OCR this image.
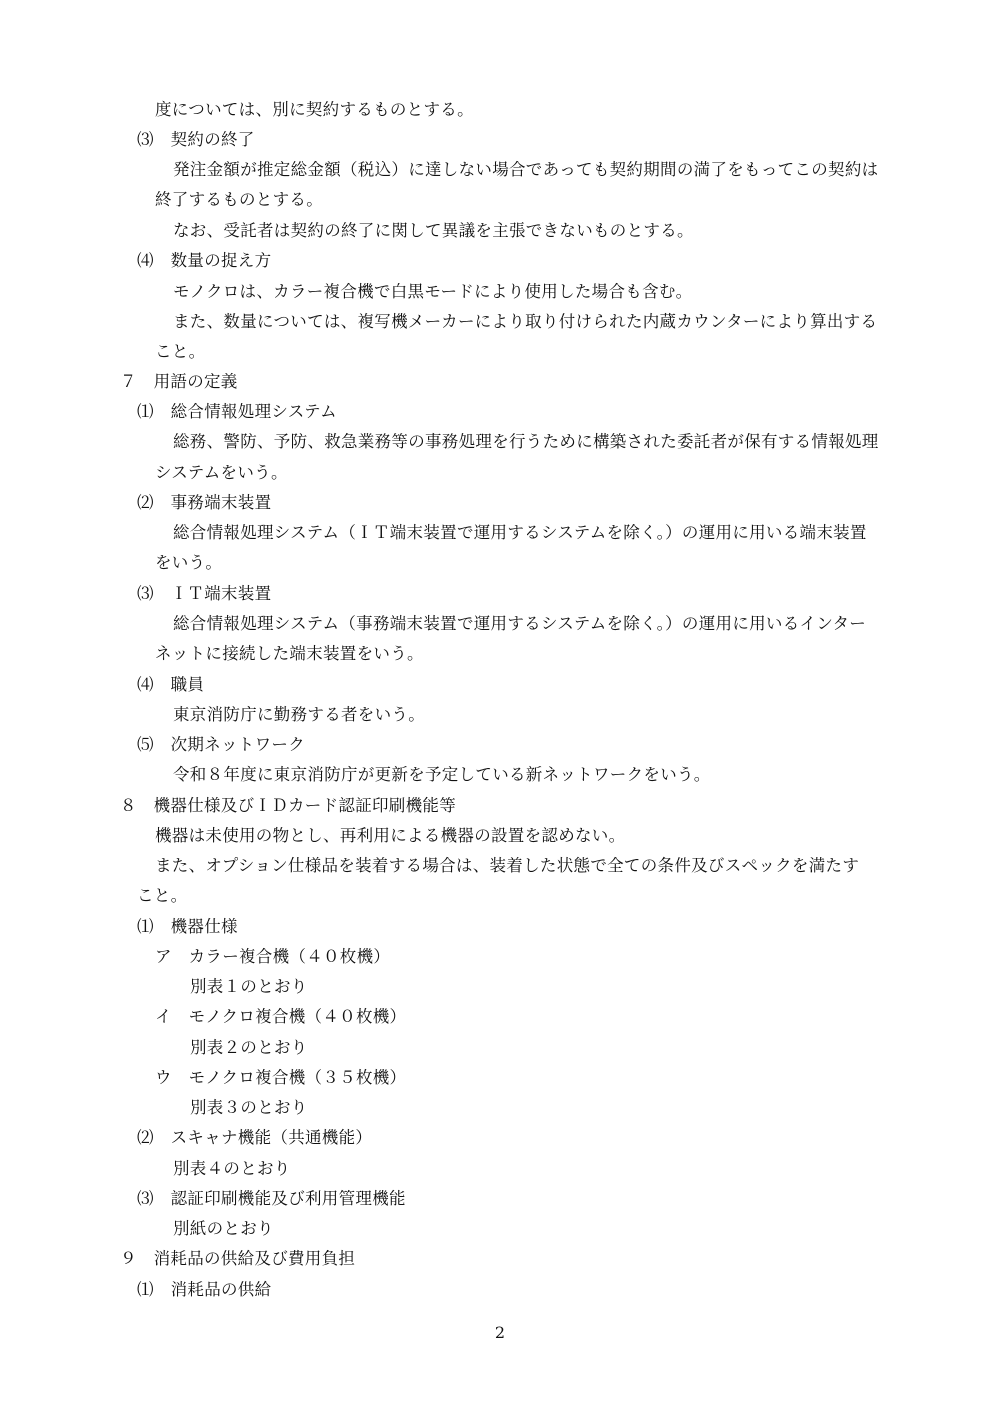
度については、別に契約するものとする。
⑶　契約の終了
発注金額が推定総金額（税込）に達しない場合であっても契約期間の満了をもってこの契約は
終了するものとする。
なお、受託者は契約の終了に関して異議を主張できないものとする。
⑷　数量の捉え方
モノクロは、カラー複合機で白黒モードにより使用した場合も含む。
また、数量については、複写機メーカーにより取り付けられた内蔵カウンターにより算出する
こと。
７　用語の定義
⑴　総合情報処理システム
総務、警防、予防、救急業務等の事務処理を行うために構築された委託者が保有する情報処理
システムをいう。
⑵　事務端末装置
総合情報処理システム（ＩＴ端末装置で運用するシステムを除く。）の運用に用いる端末装置
をいう。
⑶　ＩＴ端末装置
総合情報処理システム（事務端末装置で運用するシステムを除く。）の運用に用いるインター
ネットに接続した端末装置をいう。
⑷　職員
東京消防庁に勤務する者をいう。
⑸　次期ネットワーク
令和８年度に東京消防庁が更新を予定している新ネットワークをいう。
８　機器仕様及びＩＤカード認証印刷機能等
機器は未使用の物とし、再利用による機器の設置を認めない。
また、オプション仕様品を装着する場合は、装着した状態で全ての条件及びスペックを満たす
こと。
⑴　機器仕様
ア　カラー複合機（４０枚機）
別表１のとおり
イ　モノクロ複合機（４０枚機）
別表２のとおり
ウ　モノクロ複合機（３５枚機）
別表３のとおり
⑵　スキャナ機能（共通機能）
別表４のとおり
⑶　認証印刷機能及び利用管理機能
別紙のとおり
９　消耗品の供給及び費用負担
⑴　消耗品の供給
2
